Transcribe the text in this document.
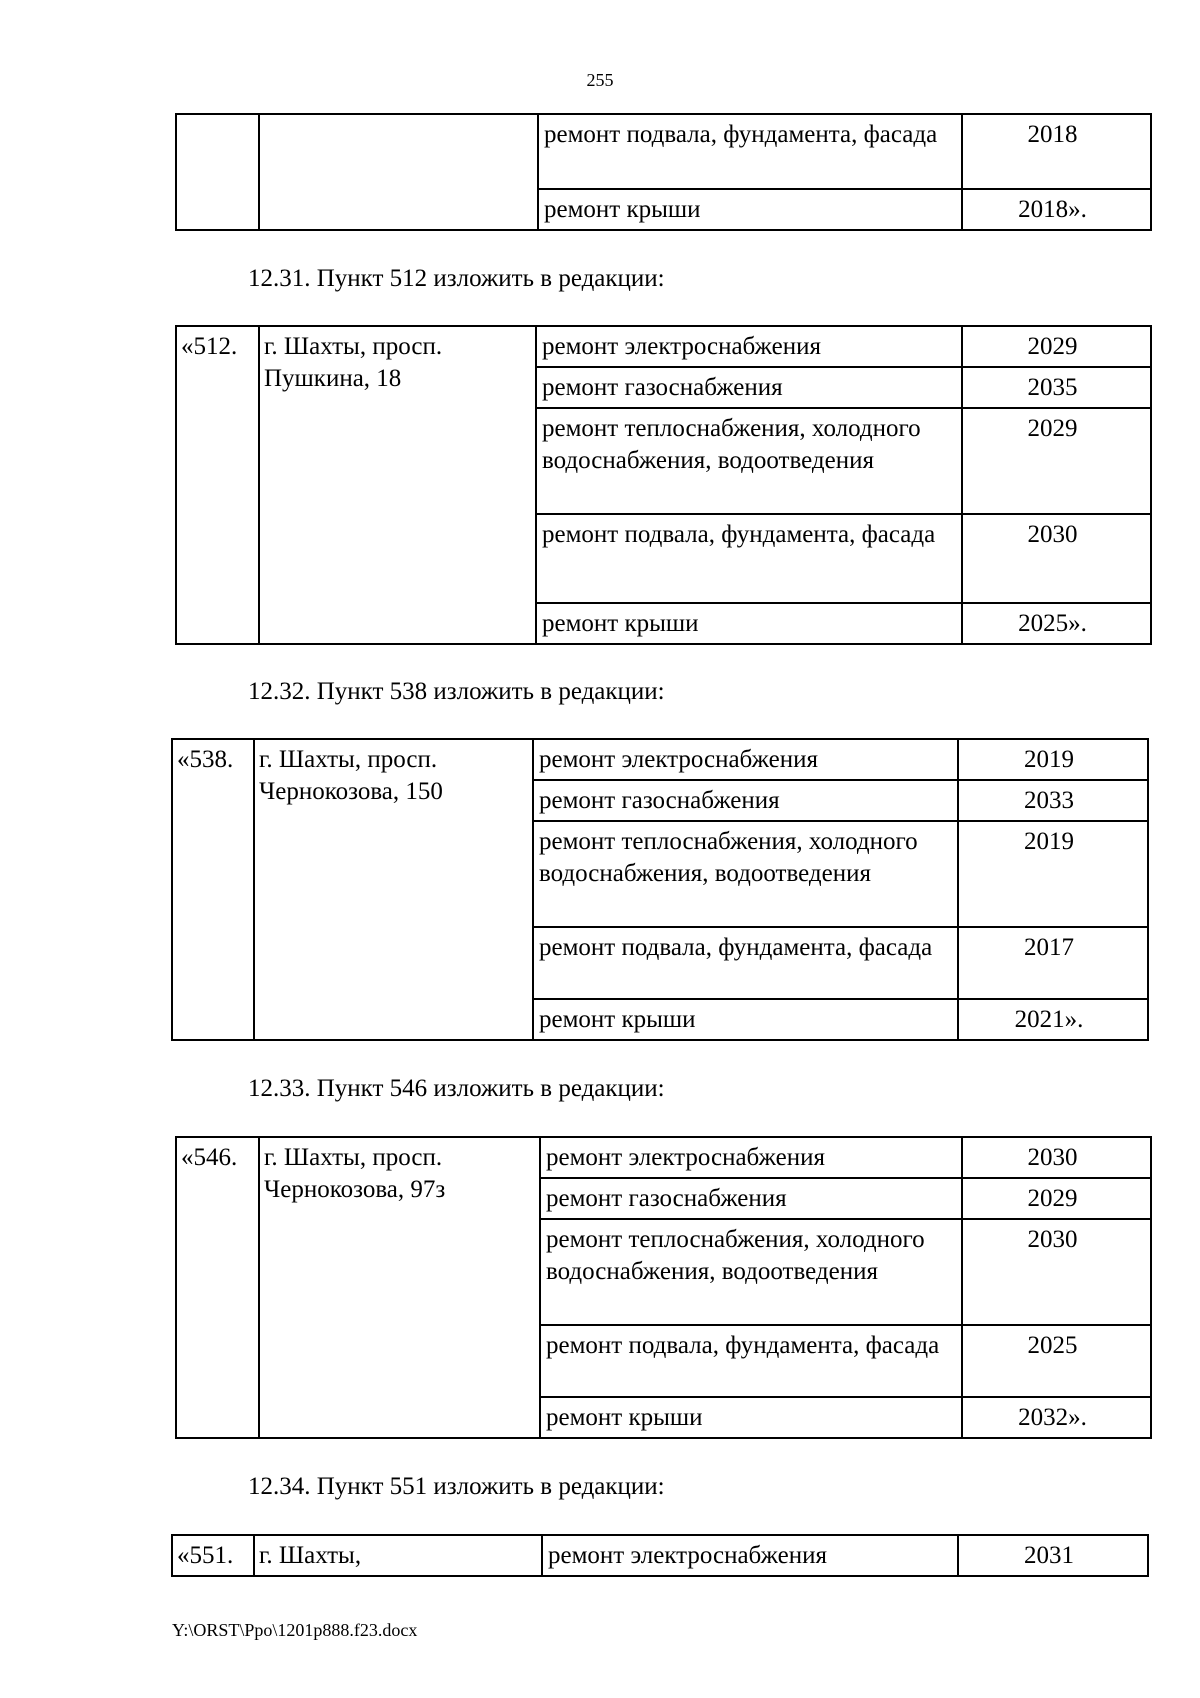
255
		ремонт подвала, фундамента, фасада	2018
		ремонт крыши	2018».
12.31. Пункт 512 изложить в редакции:
«512.	г. Шахты, просп. Пушкина, 18	ремонт электроснабжения	2029
		ремонт газоснабжения	2035
		ремонт теплоснабжения, холодного водоснабжения, водоотведения	2029
		ремонт подвала, фундамента, фасада	2030
		ремонт крыши	2025».
12.32. Пункт 538 изложить в редакции:
«538.	г. Шахты, просп. Чернокозова, 150	ремонт электроснабжения	2019
		ремонт газоснабжения	2033
		ремонт теплоснабжения, холодного водоснабжения, водоотведения	2019
		ремонт подвала, фундамента, фасада	2017
		ремонт крыши	2021».
12.33. Пункт 546 изложить в редакции:
«546.	г. Шахты, просп. Чернокозова, 97з	ремонт электроснабжения	2030
		ремонт газоснабжения	2029
		ремонт теплоснабжения, холодного водоснабжения, водоотведения	2030
		ремонт подвала, фундамента, фасада	2025
		ремонт крыши	2032».
12.34. Пункт 551 изложить в редакции:
«551.	г. Шахты,	ремонт электроснабжения	2031
Y:\ORST\Ppo\1201p888.f23.docx
